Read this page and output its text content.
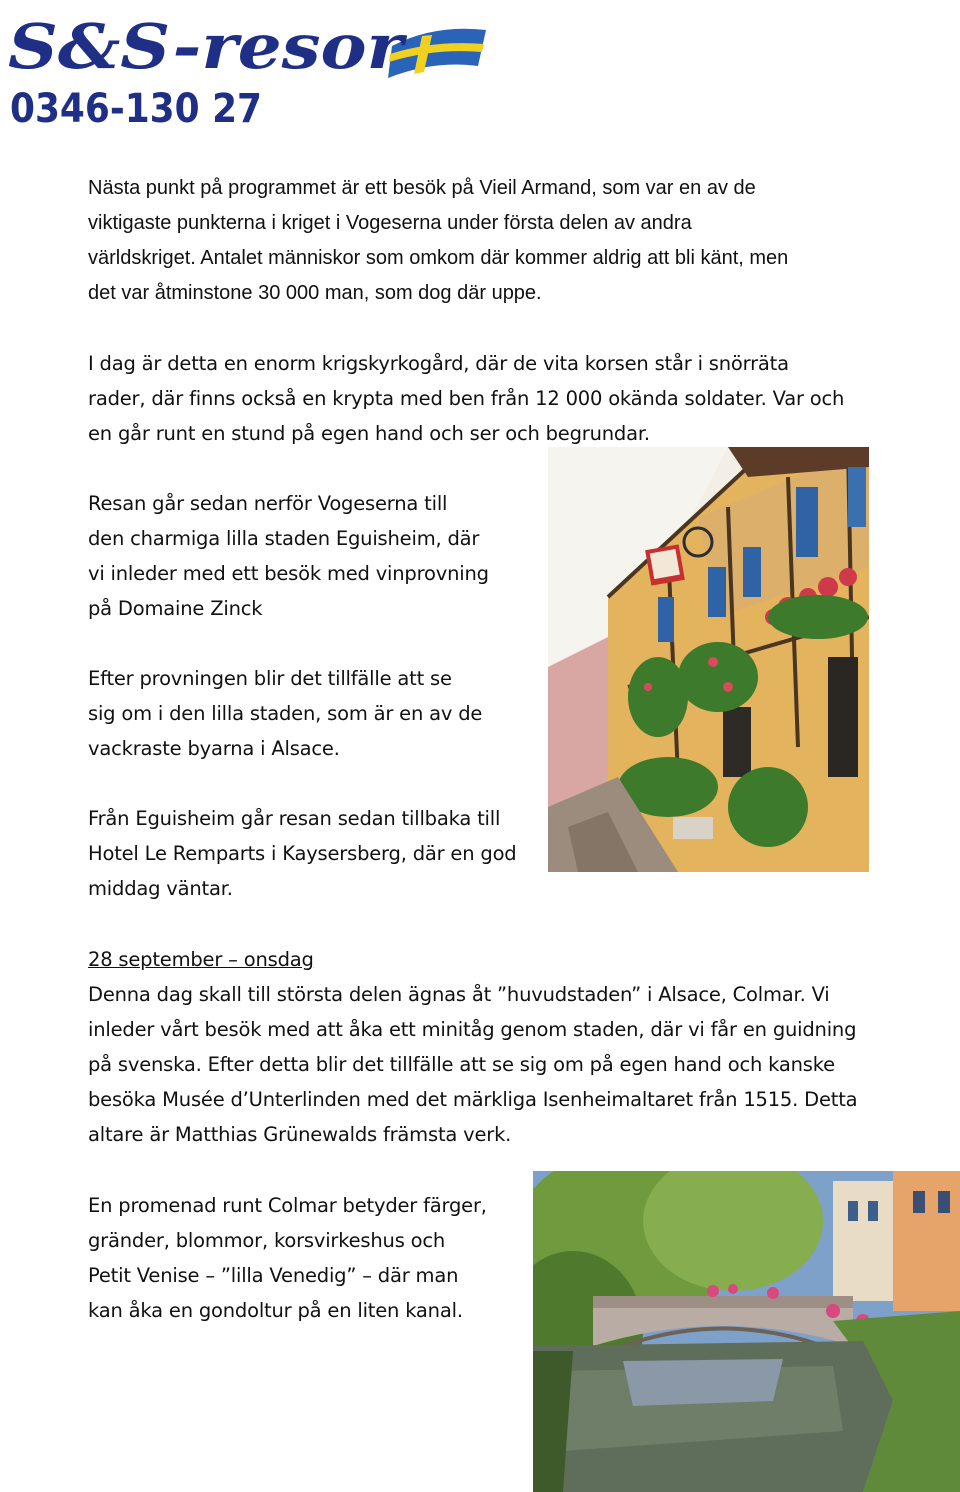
S&S-resor
0346-130 27

Nästa punkt på programmet är ett besök på Vieil Armand, som var en av de
viktigaste punkterna i kriget i Vogeserna under första delen av andra
världskriget. Antalet människor som omkom där kommer aldrig att bli känt, men
det var åtminstone 30 000 man, som dog där uppe.

I dag är detta en enorm krigskyrkogård, där de vita korsen står i snörräta
rader, där finns också en krypta med ben från 12 000 okända soldater. Var och
en går runt en stund på egen hand och ser och begrundar.

Resan går sedan nerför Vogeserna till
den charmiga lilla staden Eguisheim, där
vi inleder med ett besök med vinprovning
på Domaine Zinck

Efter provningen blir det tillfälle att se
sig om i den lilla staden, som är en av de
vackraste byarna i Alsace.

Från Eguisheim går resan sedan tillbaka till
Hotel Le Remparts i Kaysersberg, där en god
middag väntar.

28 september – onsdag
Denna dag skall till största delen ägnas åt ”huvudstaden” i Alsace, Colmar. Vi
inleder vårt besök med att åka ett minitåg genom staden, där vi får en guidning
på svenska. Efter detta blir det tillfälle att se sig om på egen hand och kanske
besöka Musée d’Unterlinden med det märkliga Isenheimaltaret från 1515. Detta
altare är Matthias Grünewalds främsta verk.

En promenad runt Colmar betyder färger,
gränder, blommor, korsvirkeshus och
Petit Venise – ”lilla Venedig” – där man
kan åka en gondoltur på en liten kanal.
